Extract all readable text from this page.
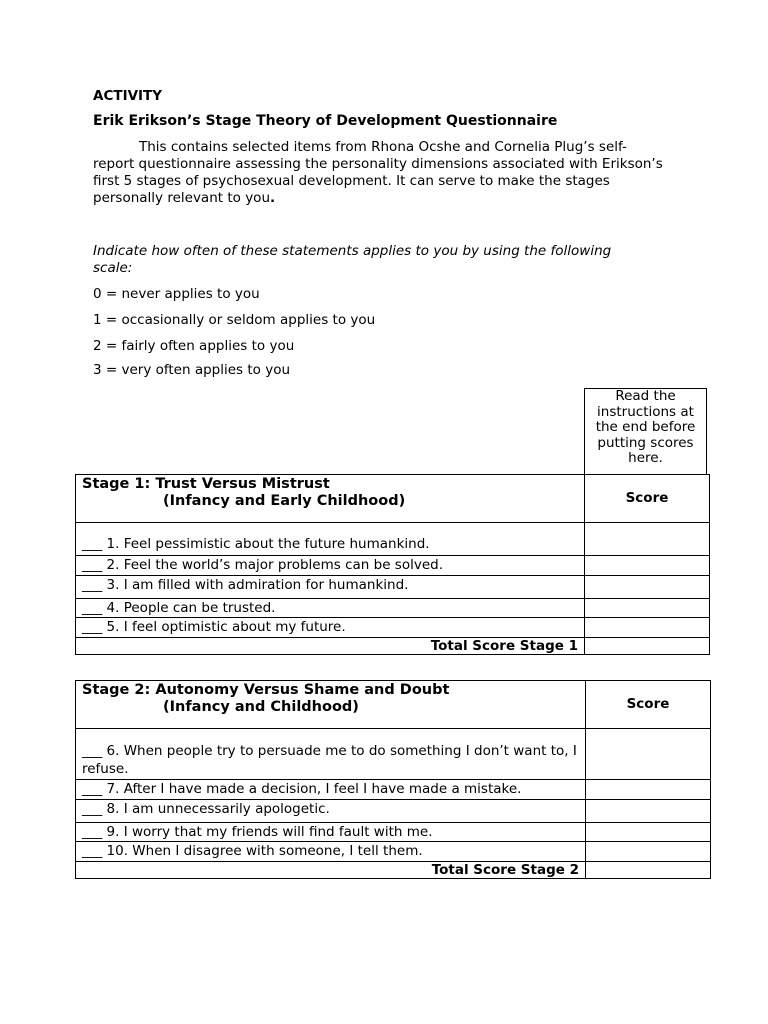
ACTIVITY
Erik Erikson’s Stage Theory of Development Questionnaire
This contains selected items from Rhona Ocshe and Cornelia Plug’s self-report questionnaire assessing the personality dimensions associated with Erikson’s first 5 stages of psychosexual development. It can serve to make the stages personally relevant to you.
Indicate how often of these statements applies to you by using the following scale:
0 = never applies to you
1 = occasionally or seldom applies to you
2 = fairly often applies to you
3 = very often applies to you
Read the instructions at the end before putting scores here.
Stage 1: Trust Versus Mistrust
(Infancy and Early Childhood)	Score
___ 1. Feel pessimistic about the future humankind.	
___ 2. Feel the world’s major problems can be solved.	
___ 3. I am filled with admiration for humankind.	
___ 4. People can be trusted.	
___ 5. I feel optimistic about my future.	
Total Score Stage 1	
Stage 2: Autonomy Versus Shame and Doubt
(Infancy and Childhood)	Score
___ 6. When people try to persuade me to do something I don’t want to, I refuse.	
___ 7. After I have made a decision, I feel I have made a mistake.	
___ 8. I am unnecessarily apologetic.	
___ 9. I worry that my friends will find fault with me.	
___ 10. When I disagree with someone, I tell them.	
Total Score Stage 2	
